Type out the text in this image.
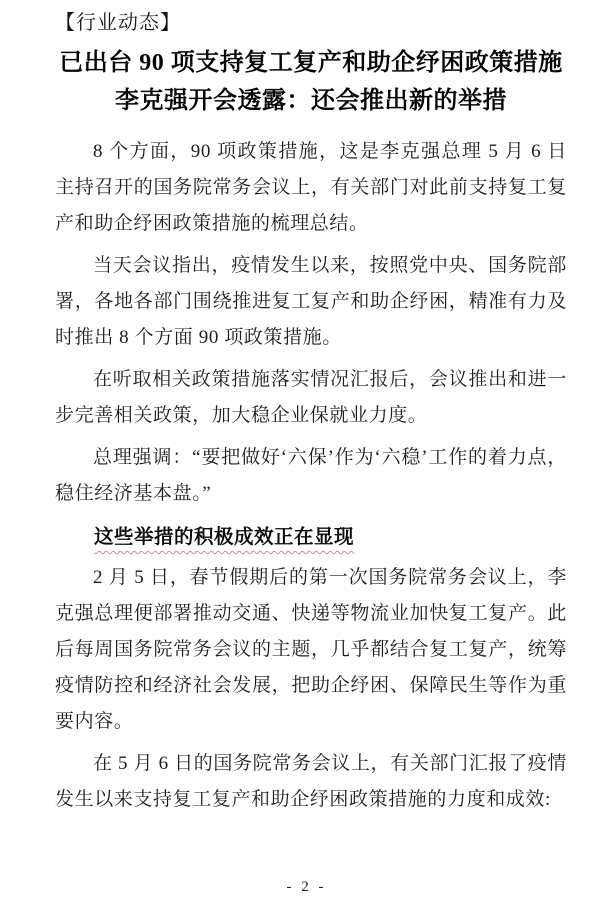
【行业动态】
已出台 90 项支持复工复产和助企纾困政策措施
李克强开会透露：还会推出新的举措

8 个方面，90 项政策措施，这是李克强总理 5 月 6 日主持召开的国务院常务会议上，有关部门对此前支持复工复产和助企纾困政策措施的梳理总结。

当天会议指出，疫情发生以来，按照党中央、国务院部署，各地各部门围绕推进复工复产和助企纾困，精准有力及时推出 8 个方面 90 项政策措施。

在听取相关政策措施落实情况汇报后，会议推出和进一步完善相关政策，加大稳企业保就业力度。

总理强调：“要把做好‘六保’作为‘六稳’工作的着力点，稳住经济基本盘。”

这些举措的积极成效正在显现

2 月 5 日，春节假期后的第一次国务院常务会议上，李克强总理便部署推动交通、快递等物流业加快复工复产。此后每周国务院常务会议的主题，几乎都结合复工复产，统筹疫情防控和经济社会发展，把助企纾困、保障民生等作为重要内容。

在 5 月 6 日的国务院常务会议上，有关部门汇报了疫情发生以来支持复工复产和助企纾困政策措施的力度和成效:

- 2 -
